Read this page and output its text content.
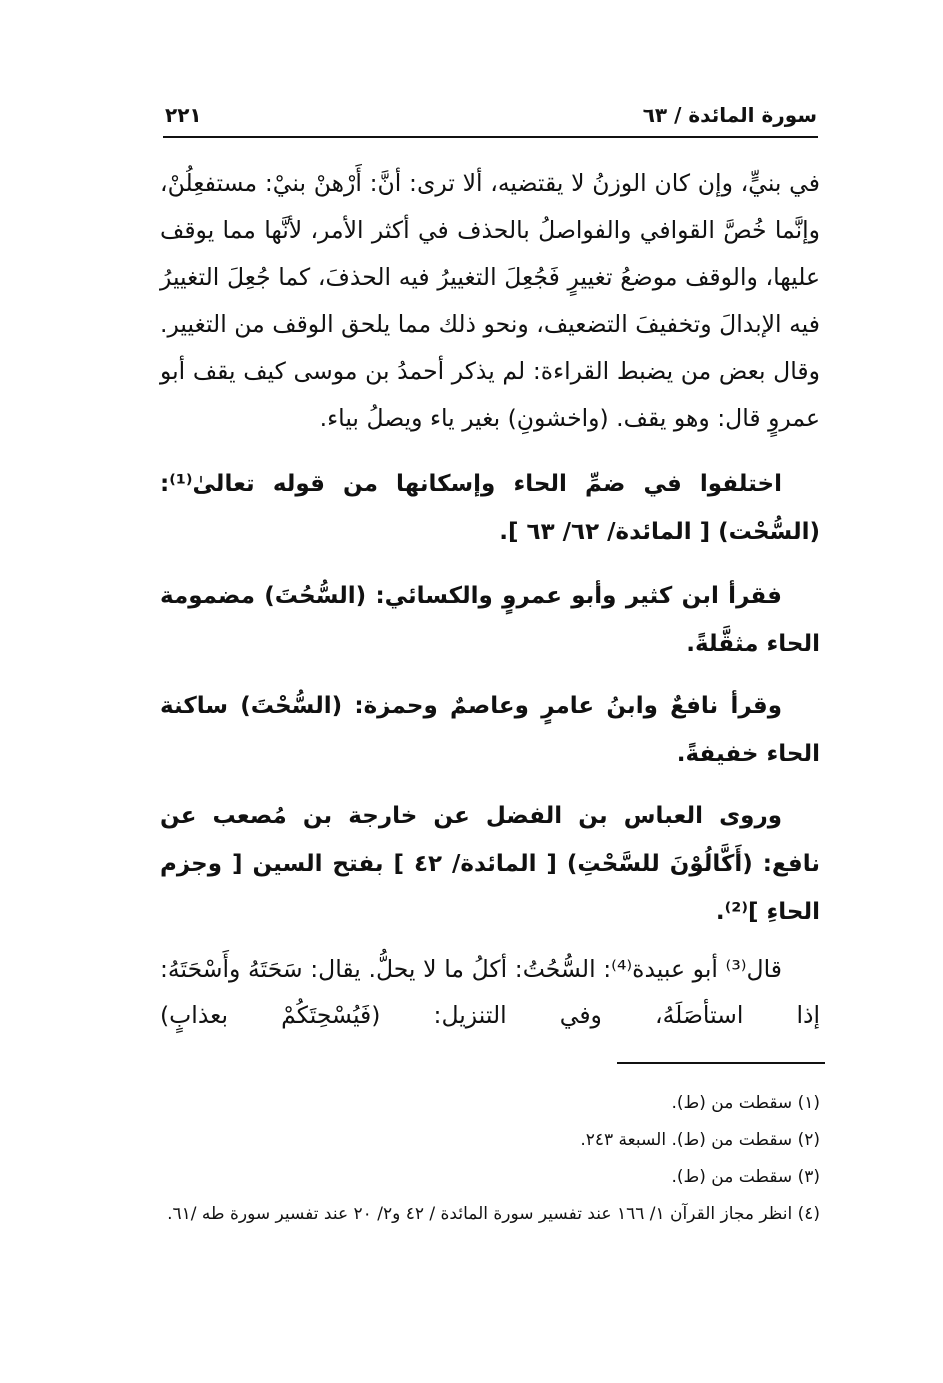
سورة المائدة / ٦٣
٢٢١

في بنيٍّ، وإن كان الوزنُ لا يقتضيه، ألا ترى: أنَّ: أَرْهنْ بنيْ: مستفعِلُنْ، وإنَّما خُصَّ القوافي والفواصلُ بالحذف في أكثر الأمر، لأنَّها مما يوقف عليها، والوقف موضعُ تغييرٍ فَجُعِلَ التغييرُ فيه الحذفَ، كما جُعِلَ التغييرُ فيه الإبدالَ وتخفيفَ التضعيف، ونحو ذلك مما يلحق الوقف من التغيير. وقال بعض من يضبط القراءة: لم يذكر أحمدُ بن موسى كيف يقف أبو عمروٍ قال: وهو يقف. (واخشونِ) بغير ياء ويصلُ بياء.

اختلفوا في ضمِّ الحاء وإسكانها من قوله تعالىٰ⁽¹⁾: (السُّحْت) [ المائدة/ ٦٢/ ٦٣ ].

فقرأ ابن كثير وأبو عمروٍ والكسائي: (السُّحُتَ) مضمومة الحاء مثقَّلةً.

وقرأ نافعٌ وابنُ عامرٍ وعاصمٌ وحمزة: (السُّحْتَ) ساكنة الحاء خفيفةً.

وروى العباس بن الفضل عن خارجة بن مُصعب عن نافع: (أَكَّالُوْنَ للسَّحْتِ) [ المائدة/ ٤٢ ] بفتح السين [ وجزم الحاءِ ]⁽²⁾.

قال⁽³⁾ أبو عبيدة⁽⁴⁾: السُّحُتُ: أكلُ ما لا يحلُّ. يقال: سَحَتَهُ وأَسْحَتَهُ: إذا استأصَلَهُ، وفي التنزيل: (فَيُسْحِتَكُمْ بعذابٍ)

(١) سقطت من (ط).

(٢) سقطت من (ط). السبعة ٢٤٣.

(٣) سقطت من (ط).

(٤) انظر مجاز القرآن ١/ ١٦٦ عند تفسير سورة المائدة / ٤٢ و٢/ ٢٠ عند تفسير سورة طه /٦١.
